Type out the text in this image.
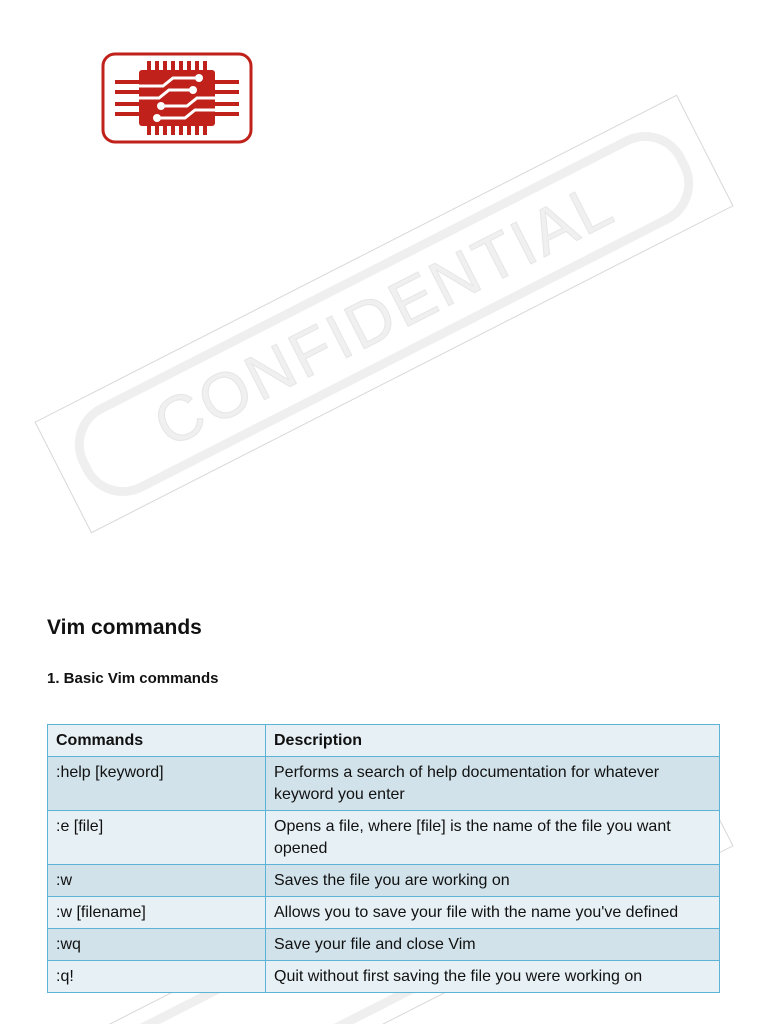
CONFIDENTIAL
Vim commands
1. Basic Vim commands
Commands	Description
:help [keyword]	Performs a search of help documentation for whatever keyword you enter
:e [file]	Opens a file, where [file] is the name of the file you want opened
:w	Saves the file you are working on
:w [filename]	Allows you to save your file with the name you've defined
:wq	Save your file and close Vim
:q!	Quit without first saving the file you were working on
